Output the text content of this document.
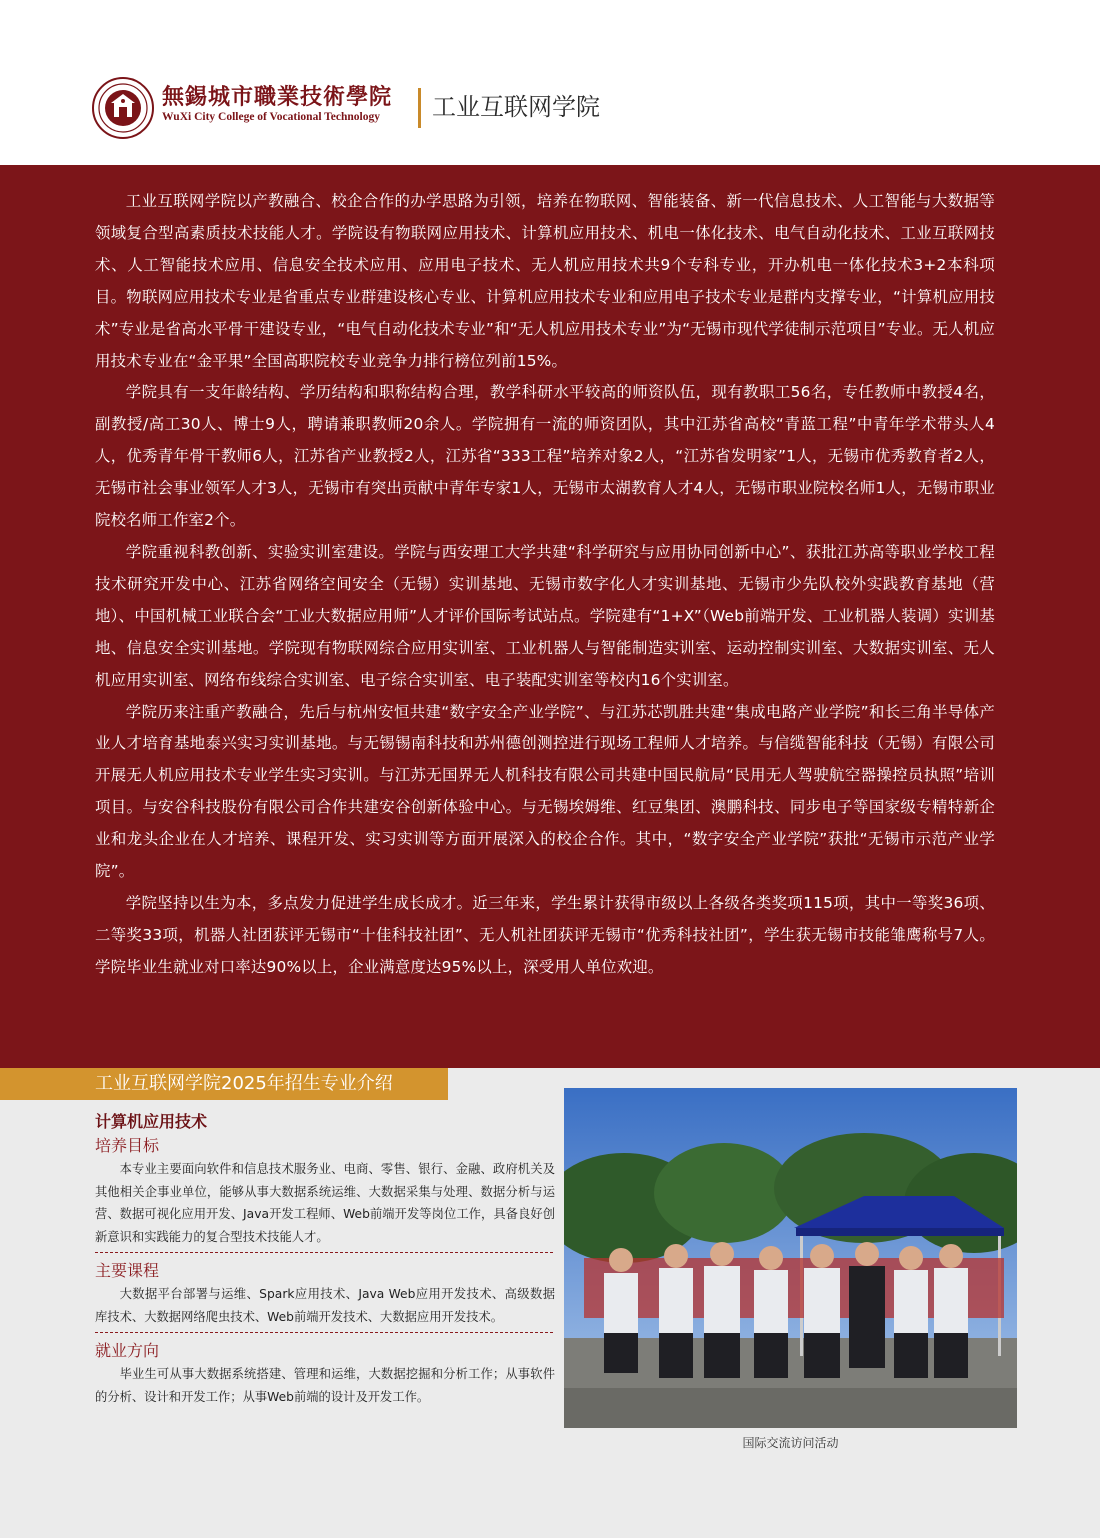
無錫城市職業技術學院
WuXi City College of Vocational Technology	工业互联网学院

工业互联网学院以产教融合、校企合作的办学思路为引领，培养在物联网、智能装备、新一代信息技术、人工智能与大数据等领域复合型高素质技术技能人才。学院设有物联网应用技术、计算机应用技术、机电一体化技术、电气自动化技术、工业互联网技术、人工智能技术应用、信息安全技术应用、应用电子技术、无人机应用技术共9个专科专业，开办机电一体化技术3+2本科项目。物联网应用技术专业是省重点专业群建设核心专业、计算机应用技术专业和应用电子技术专业是群内支撑专业，“计算机应用技术”专业是省高水平骨干建设专业，“电气自动化技术专业”和“无人机应用技术专业”为“无锡市现代学徒制示范项目”专业。无人机应用技术专业在“金平果”全国高职院校专业竞争力排行榜位列前15%。

学院具有一支年龄结构、学历结构和职称结构合理，教学科研水平较高的师资队伍，现有教职工56名，专任教师中教授4名，副教授/高工30人、博士9人，聘请兼职教师20余人。学院拥有一流的师资团队，其中江苏省高校“青蓝工程”中青年学术带头人4人，优秀青年骨干教师6人，江苏省产业教授2人，江苏省“333工程”培养对象2人，“江苏省发明家”1人，无锡市优秀教育者2人，无锡市社会事业领军人才3人，无锡市有突出贡献中青年专家1人，无锡市太湖教育人才4人，无锡市职业院校名师1人，无锡市职业院校名师工作室2个。

学院重视科教创新、实验实训室建设。学院与西安理工大学共建“科学研究与应用协同创新中心”、获批江苏高等职业学校工程技术研究开发中心、江苏省网络空间安全（无锡）实训基地、无锡市数字化人才实训基地、无锡市少先队校外实践教育基地（营地）、中国机械工业联合会“工业大数据应用师”人才评价国际考试站点。学院建有“1+X”（Web前端开发、工业机器人装调）实训基地、信息安全实训基地。学院现有物联网综合应用实训室、工业机器人与智能制造实训室、运动控制实训室、大数据实训室、无人机应用实训室、网络布线综合实训室、电子综合实训室、电子装配实训室等校内16个实训室。

学院历来注重产教融合，先后与杭州安恒共建“数字安全产业学院”、与江苏芯凯胜共建“集成电路产业学院”和长三角半导体产业人才培育基地泰兴实习实训基地。与无锡锡南科技和苏州德创测控进行现场工程师人才培养。与信缆智能科技（无锡）有限公司开展无人机应用技术专业学生实习实训。与江苏无国界无人机科技有限公司共建中国民航局“民用无人驾驶航空器操控员执照”培训项目。与安谷科技股份有限公司合作共建安谷创新体验中心。与无锡埃姆维、红豆集团、澳鹏科技、同步电子等国家级专精特新企业和龙头企业在人才培养、课程开发、实习实训等方面开展深入的校企合作。其中，“数字安全产业学院”获批“无锡市示范产业学院”。

学院坚持以生为本，多点发力促进学生成长成才。近三年来，学生累计获得市级以上各级各类奖项115项，其中一等奖36项、二等奖33项，机器人社团获评无锡市“十佳科技社团”、无人机社团获评无锡市“优秀科技社团”，学生获无锡市技能雏鹰称号7人。学院毕业生就业对口率达90%以上，企业满意度达95%以上，深受用人单位欢迎。

工业互联网学院2025年招生专业介绍
计算机应用技术
培养目标

本专业主要面向软件和信息技术服务业、电商、零售、银行、金融、政府机关及其他相关企事业单位，能够从事大数据系统运维、大数据采集与处理、数据分析与运营、数据可视化应用开发、Java开发工程师、Web前端开发等岗位工作，具备良好创新意识和实践能力的复合型技术技能人才。

主要课程

大数据平台部署与运维、Spark应用技术、Java Web应用开发技术、高级数据库技术、大数据网络爬虫技术、Web前端开发技术、大数据应用开发技术。

就业方向

毕业生可从事大数据系统搭建、管理和运维，大数据挖掘和分析工作；从事软件的分析、设计和开发工作；从事Web前端的设计及开发工作。

国际交流访问活动
